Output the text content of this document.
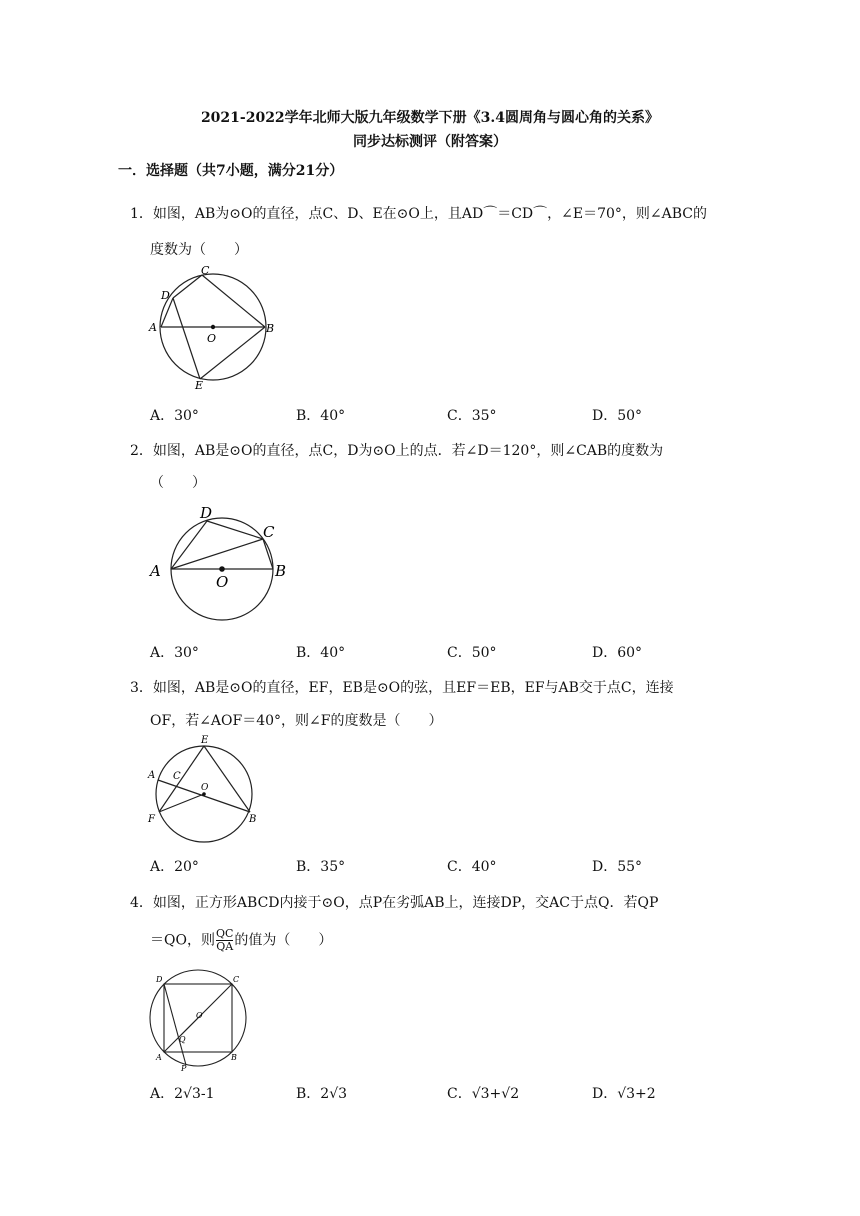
2021-2022学年北师大版九年级数学下册《3.4圆周角与圆心角的关系》
同步达标测评（附答案）
一．选择题（共7小题，满分21分）
1．如图，AB为⊙O的直径，点C、D、E在⊙O上，且AD⌒＝CD⌒，∠E＝70°，则∠ABC的
度数为（　　）
A	B
C
D
E
O
A．30°	B．40°	C．35°	D．50°
2．如图，AB是⊙O的直径，点C，D为⊙O上的点．若∠D＝120°，则∠CAB的度数为
（　　）
A	B
C
D
O
A．30°	B．40°	C．50°	D．60°
3．如图，AB是⊙O的直径，EF，EB是⊙O的弦，且EF＝EB，EF与AB交于点C，连接
OF，若∠AOF＝40°，则∠F的度数是（　　）
A
B
C
E
F
O
A．20°	B．35°	C．40°	D．55°
4．如图，正方形ABCD内接于⊙O，点P在劣弧AB上，连接DP，交AC于点Q．若QP
＝QO，则 $\frac{QC}{QA}$ 的值为（　　）
D	C
A	B
O
P
Q
A．2√3-1	B．2√3	C．√3+√2	D．√3+2
